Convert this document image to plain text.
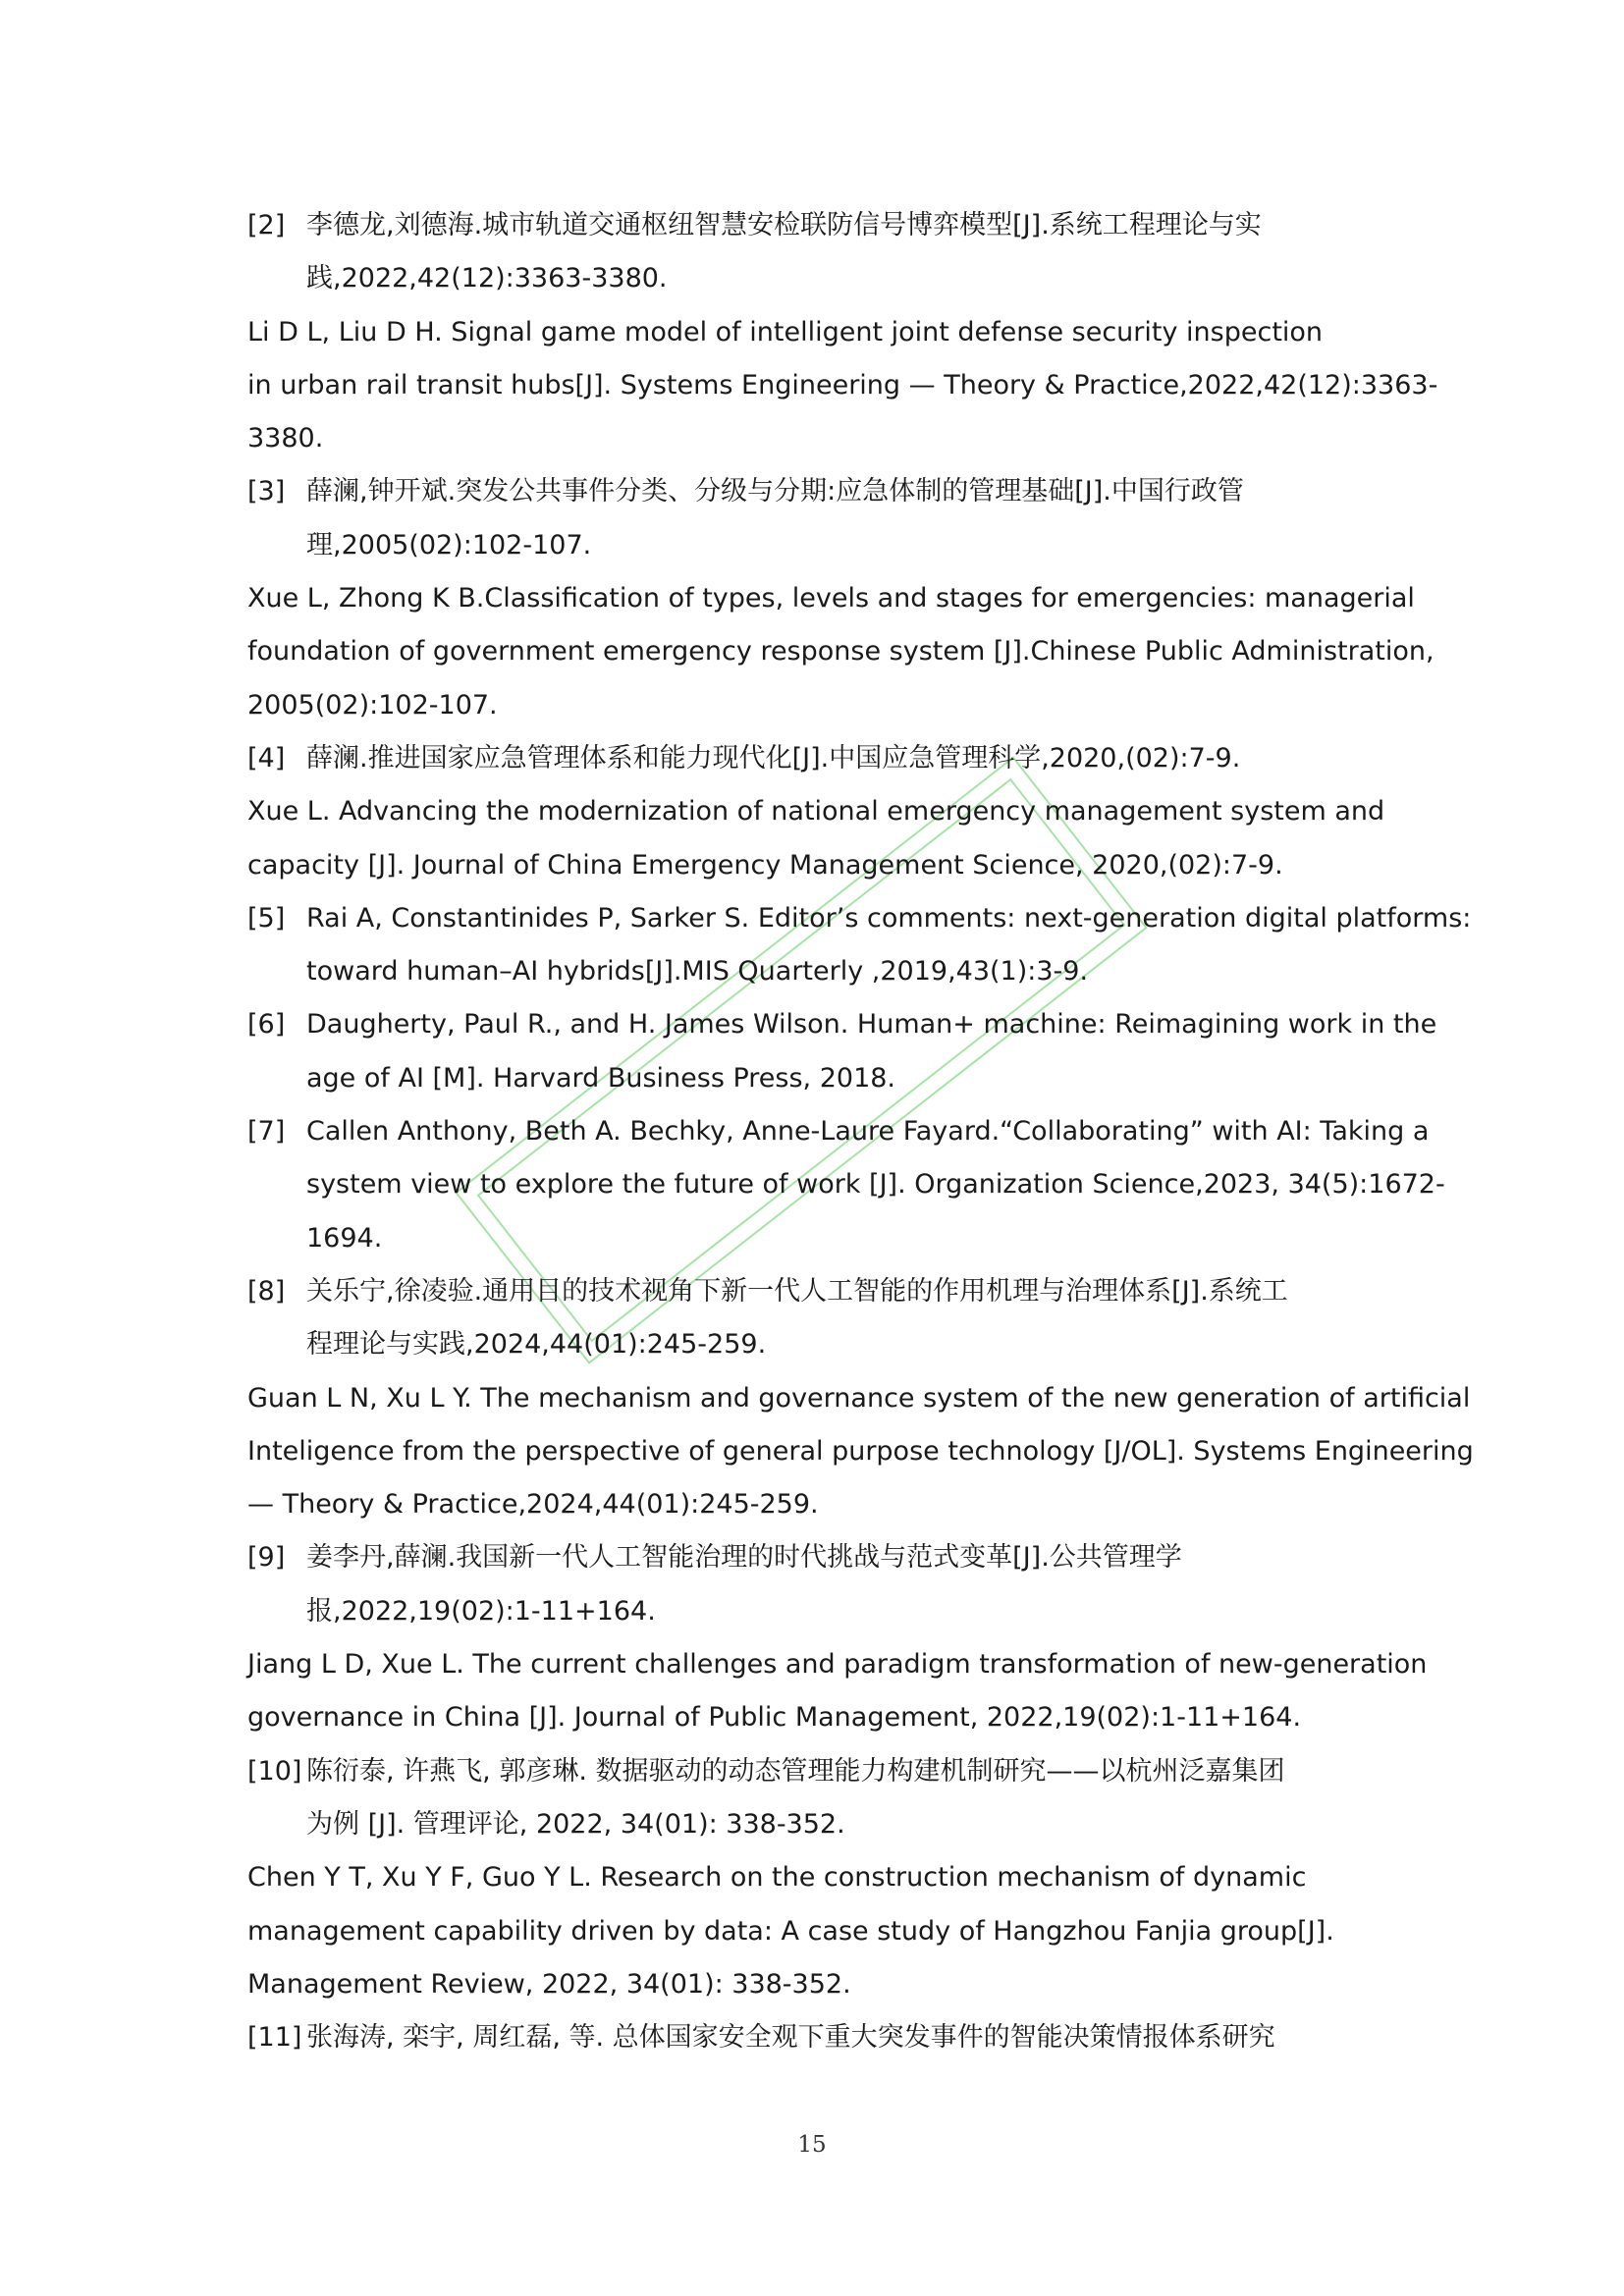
[2] 李德龙,刘德海.城市轨道交通枢纽智慧安检联防信号博弈模型[J].系统工程理论与实
践,2022,42(12):3363-3380.
Li D L, Liu D H. Signal game model of intelligent joint defense security inspection
in urban rail transit hubs[J]. Systems Engineering — Theory & Practice,2022,42(12):3363-
3380.
[3] 薛澜,钟开斌.突发公共事件分类、分级与分期:应急体制的管理基础[J].中国行政管
理,2005(02):102-107.
Xue L, Zhong K B.Classification of types, levels and stages for emergencies: managerial
foundation of government emergency response system [J].Chinese Public Administration,
2005(02):102-107.
[4] 薛澜.推进国家应急管理体系和能力现代化[J].中国应急管理科学,2020,(02):7-9.
Xue L. Advancing the modernization of national emergency management system and
capacity [J]. Journal of China Emergency Management Science, 2020,(02):7-9.
[5] Rai A, Constantinides P, Sarker S. Editor’s comments: next-generation digital platforms:
toward human–AI hybrids[J].MIS Quarterly ,2019,43(1):3-9.
[6] Daugherty, Paul R., and H. James Wilson. Human+ machine: Reimagining work in the
age of AI [M]. Harvard Business Press, 2018.
[7] Callen Anthony, Beth A. Bechky, Anne-Laure Fayard.“Collaborating” with AI: Taking a
system view to explore the future of work [J]. Organization Science,2023, 34(5):1672-
1694.
[8] 关乐宁,徐凌验.通用目的技术视角下新一代人工智能的作用机理与治理体系[J].系统工
程理论与实践,2024,44(01):245-259.
Guan L N, Xu L Y. The mechanism and governance system of the new generation of artificial
Inteligence from the perspective of general purpose technology [J/OL]. Systems Engineering
— Theory & Practice,2024,44(01):245-259.
[9] 姜李丹,薛澜.我国新一代人工智能治理的时代挑战与范式变革[J].公共管理学
报,2022,19(02):1-11+164.
Jiang L D, Xue L. The current challenges and paradigm transformation of new-generation
governance in China [J]. Journal of Public Management, 2022,19(02):1-11+164.
[10] 陈衍泰, 许燕飞, 郭彦琳. 数据驱动的动态管理能力构建机制研究——以杭州泛嘉集团
为例 [J]. 管理评论, 2022, 34(01): 338-352.
Chen Y T, Xu Y F, Guo Y L. Research on the construction mechanism of dynamic
management capability driven by data: A case study of Hangzhou Fanjia group[J].
Management Review, 2022, 34(01): 338-352.
[11] 张海涛, 栾宇, 周红磊, 等. 总体国家安全观下重大突发事件的智能决策情报体系研究
15
